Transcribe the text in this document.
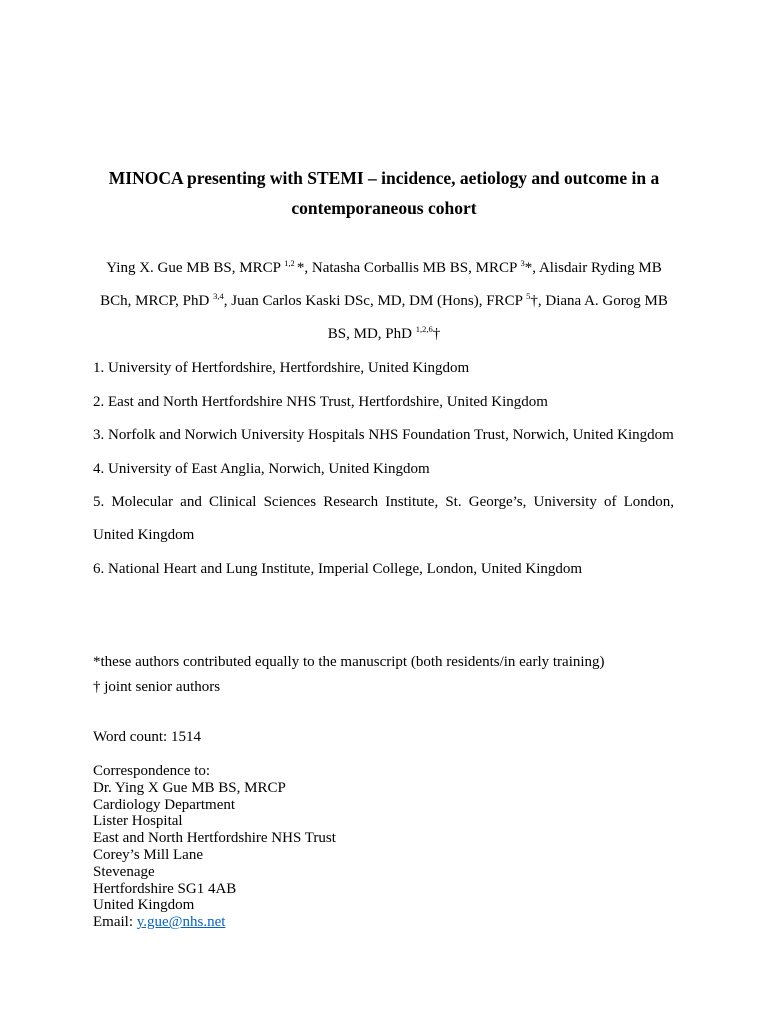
MINOCA presenting with STEMI – incidence, aetiology and outcome in a contemporaneous cohort
Ying X. Gue MB BS, MRCP $^{1,2}$ *, Natasha Corballis MB BS, MRCP $^3$*, Alisdair Ryding MB BCh, MRCP, PhD $^{3,4}$, Juan Carlos Kaski DSc, MD, DM (Hons), FRCP $^5$†, Diana A. Gorog MB BS, MD, PhD $^{1,2,6}$†
1. University of Hertfordshire, Hertfordshire, United Kingdom
2. East and North Hertfordshire NHS Trust, Hertfordshire, United Kingdom
3. Norfolk and Norwich University Hospitals NHS Foundation Trust, Norwich, United Kingdom
4. University of East Anglia, Norwich, United Kingdom
5. Molecular and Clinical Sciences Research Institute, St. George’s, University of London, United Kingdom
6. National Heart and Lung Institute, Imperial College, London, United Kingdom
*these authors contributed equally to the manuscript (both residents/in early training)
† joint senior authors
Word count: 1514
Correspondence to:
Dr. Ying X Gue MB BS, MRCP
Cardiology Department
Lister Hospital
East and North Hertfordshire NHS Trust
Corey’s Mill Lane
Stevenage
Hertfordshire SG1 4AB
United Kingdom
Email: y.gue@nhs.net
